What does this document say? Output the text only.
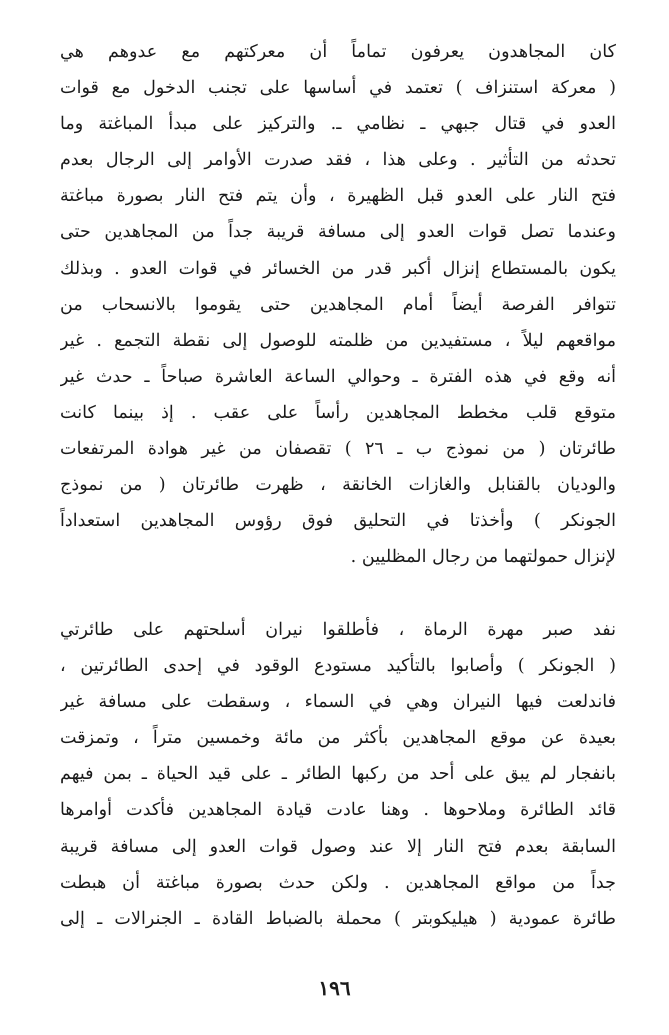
كان المجاهدون يعرفون تماماً أن معركتهم مع عدوهم هي
( معركة استنزاف ) تعتمد في أساسها على تجنب الدخول مع قوات
العدو في قتال جبهي ـ نظامي ـ. والتركيز على مبدأ المباغتة وما
تحدثه من التأثير . وعلى هذا ، فقد صدرت الأوامر إلى الرجال بعدم
فتح النار على العدو قبل الظهيرة ، وأن يتم فتح النار بصورة مباغتة
وعندما تصل قوات العدو إلى مسافة قريبة جداً من المجاهدين حتى
يكون بالمستطاع إنزال أكبر قدر من الخسائر في قوات العدو . وبذلك
تتوافر الفرصة أيضاً أمام المجاهدين حتى يقوموا بالانسحاب من
مواقعهم ليلاً ، مستفيدين من ظلمته للوصول إلى نقطة التجمع . غير
أنه وقع في هذه الفترة ـ وحوالي الساعة العاشرة صباحاً ـ حدث غير
متوقع قلب مخطط المجاهدين رأساً على عقب . إذ بينما كانت
طائرتان ( من نموذج ب ـ ٢٦ ) تقصفان من غير هوادة المرتفعات
والوديان بالقنابل والغازات الخانقة ، ظهرت طائرتان ( من نموذج
الجونكر ) وأخذتا في التحليق فوق رؤوس المجاهدين استعداداً
لإنزال حمولتهما من رجال المظليين .
نفد صبر مهرة الرماة ، فأطلقوا نيران أسلحتهم على طائرتي
( الجونكر ) وأصابوا بالتأكيد مستودع الوقود في إحدى الطائرتين ،
فاندلعت فيها النيران وهي في السماء ، وسقطت على مسافة غير
بعيدة عن موقع المجاهدين بأكثر من مائة وخمسين متراً ، وتمزقت
بانفجار لم يبق على أحد من ركبها الطائر ـ على قيد الحياة ـ بمن فيهم
قائد الطائرة وملاحوها . وهنا عادت قيادة المجاهدين فأكدت أوامرها
السابقة بعدم فتح النار إلا عند وصول قوات العدو إلى مسافة قريبة
جداً من مواقع المجاهدين . ولكن حدث بصورة مباغتة أن هبطت
طائرة عمودية ( هيليكوبتر ) محملة بالضباط القادة ـ الجنرالات ـ إلى
١٩٦
